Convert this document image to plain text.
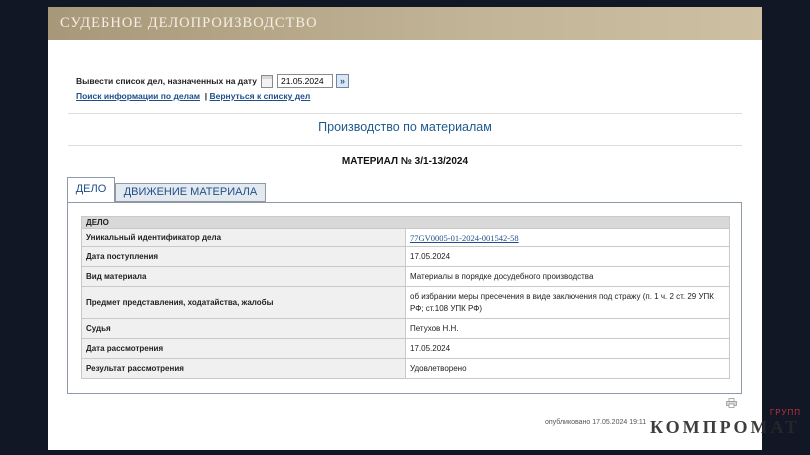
СУДЕБНОЕ ДЕЛОПРОИЗВОДСТВО
Вывести список дел, назначенных на дату
21.05.2024	»
Поиск информации по делам | Вернуться к списку дел
Производство по материалам
МАТЕРИАЛ № 3/1-13/2024
ДЕЛО	ДВИЖЕНИЕ МАТЕРИАЛА
ДЕЛО	
Уникальный идентификатор дела	77GV0005-01-2024-001542-58
Дата поступления	17.05.2024
Вид материала	Материалы в порядке досудебного производства
Предмет представления, ходатайства, жалобы	об избрании меры пресечения в виде заключения под стражу (п. 1 ч. 2 ст. 29 УПК РФ; ст.108 УПК РФ)
Судья	Петухов Н.Н.
Дата рассмотрения	17.05.2024
Результат рассмотрения	Удовлетворено
опубликовано 17.05.2024 19:11
ГРУПП
КОМПРОМАТ
